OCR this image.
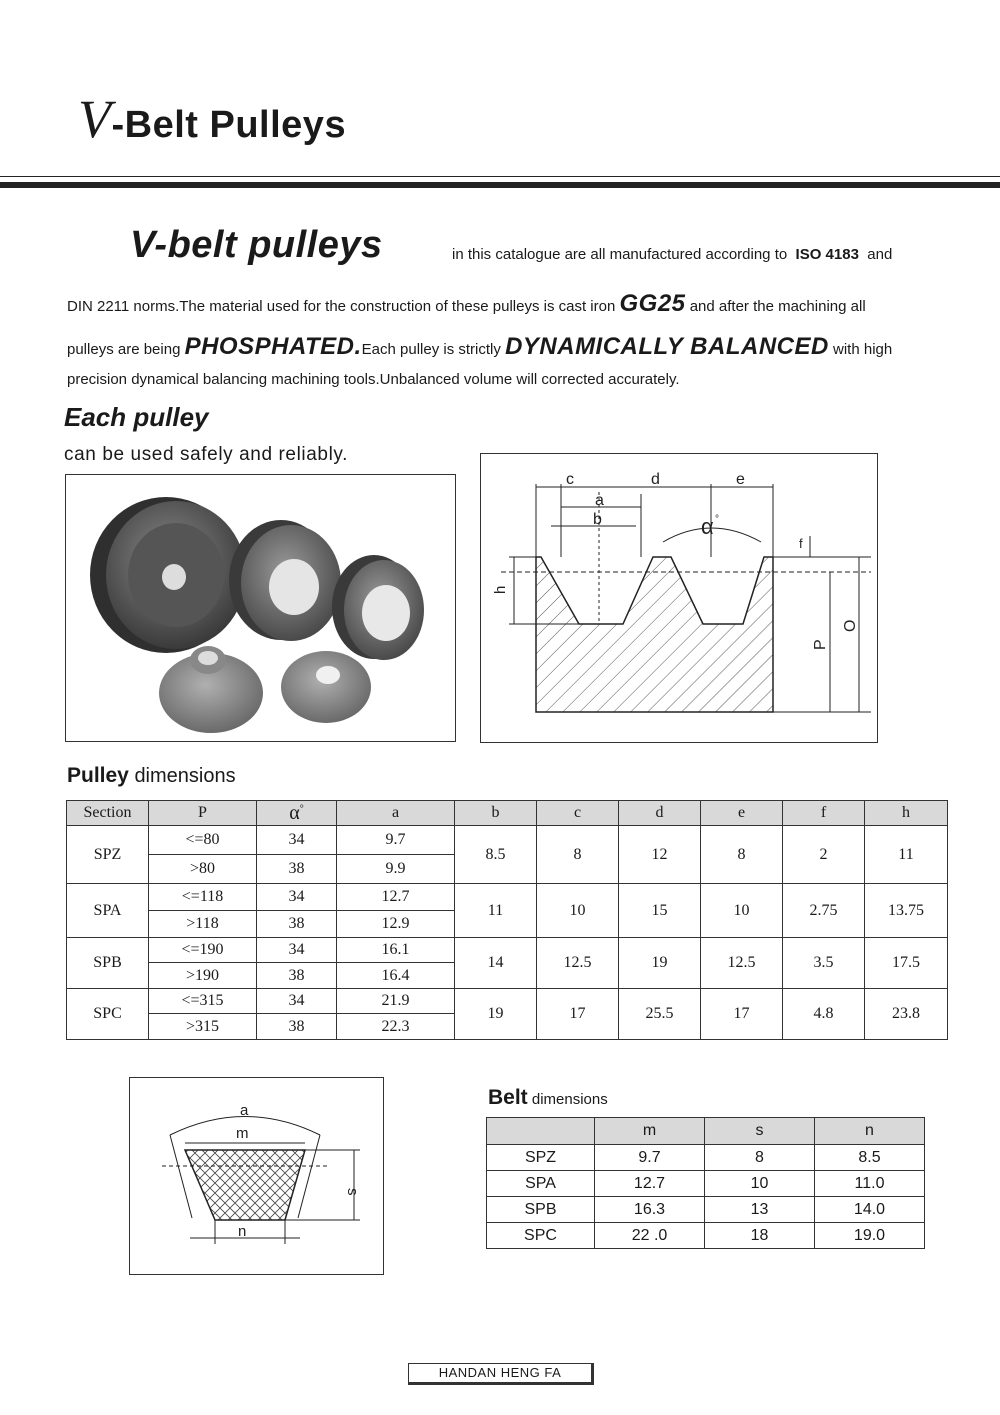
V-Belt Pulleys
V-belt pulleys	in this catalogue are all manufactured according to ISO 4183 and
DIN 2211 norms.The material used for the construction of these pulleys is cast iron GG25 and after the machining all
pulleys are being PHOSPHATED.Each pulley is strictly DYNAMICALLY BALANCED with high
precision dynamical balancing machining tools.Unbalanced volume will corrected accurately.
Each pulley
can be used safely and reliably.
c	d	e
a
b	α °
f
h
P
O
Pulley dimensions
Section	P	α°	a	b	c	d	e	f	h
SPZ	<=80	34	9.7	8.5	8	12	8	2	11
	>80	38	9.9						
SPA	<=118	34	12.7	11	10	15	10	2.75	13.75
	>118	38	12.9						
SPB	<=190	34	16.1	14	12.5	19	12.5	3.5	17.5
	>190	38	16.4						
SPC	<=315	34	21.9	19	17	25.5	17	4.8	23.8
	>315	38	22.3						
a
m
s
n
Belt dimensions
	m	s	n
SPZ	9.7	8	8.5
SPA	12.7	10	11.0
SPB	16.3	13	14.0
SPC	22 .0	18	19.0
HANDAN HENG FA
